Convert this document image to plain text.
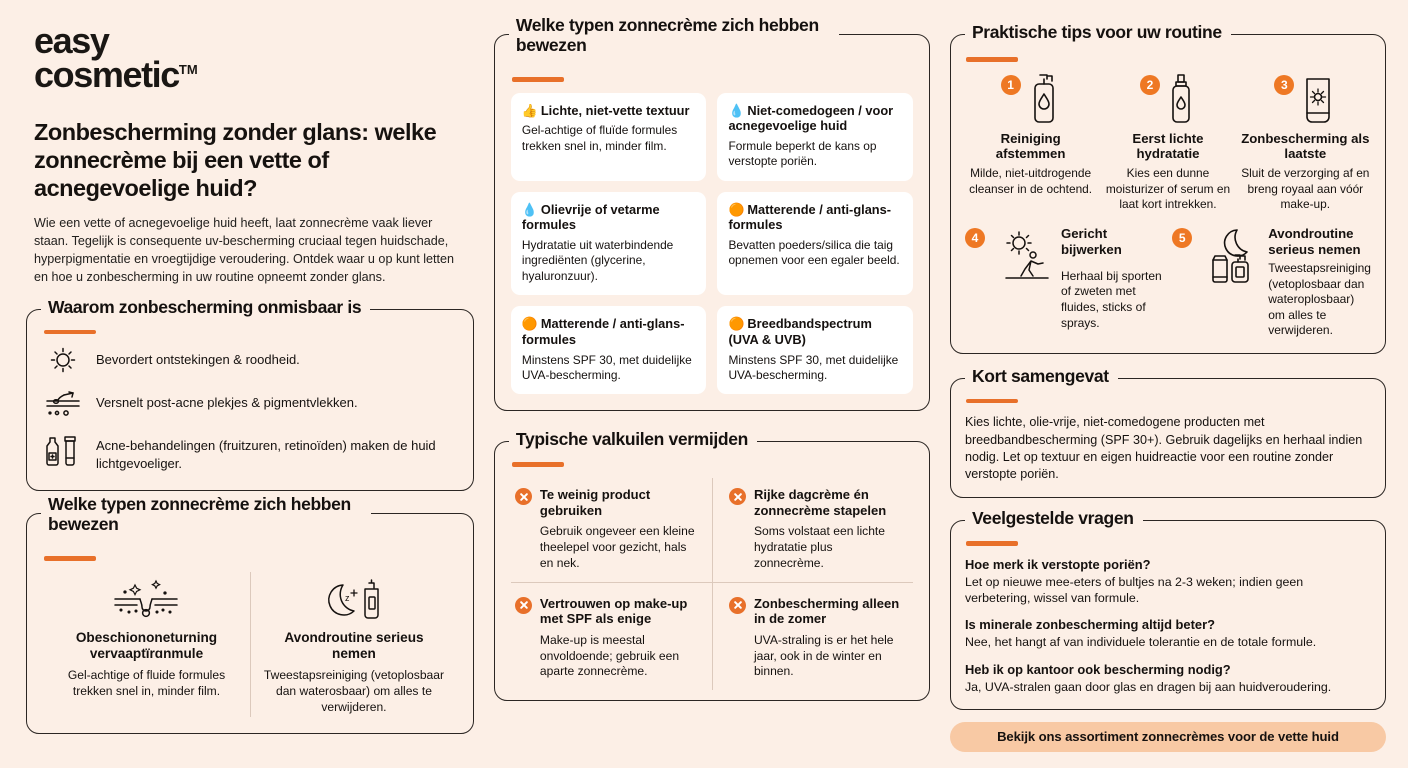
easy
cosmetic™
Zonbescherming zonder glans: welke zonnecrème bij een vette of acnegevoelige huid?
Wie een vette of acnegevoelige huid heeft, laat zonnecrème vaak liever staan. Tegelijk is consequente uv-bescherming cruciaal tegen huidschade, hyperpigmentatie en vroegtijdige veroudering. Ontdek waar u op kunt letten en hoe u zonbescherming in uw routine opneemt zonder glans.
Waarom zonbescherming onmisbaar is
Bevordert ontstekingen & roodheid.
Versnelt post-acne plekjes & pigmentvlekken.
Acne-behandelingen (fruitzuren, retinoïden) maken de huid lichtgevoeliger.
Welke typen zonnecrème zich hebben bewezen
Obeschiononeturning vervaaptïrɑnmule
Gel-achtige of fluide formules trekken snel in, minder film.
z
Avondroutine serieus nemen
Tweestapsreiniging (vetoplosbaar dan waterosbaar) om alles te verwijderen.
Welke typen zonnecrème zich hebben bewezen
👍 Lichte, niet-vette textuur
Gel-achtige of fluïde formules trekken snel in, minder film.
💧 Niet-comedogeen / voor acnegevoelige huid
Formule beperkt de kans op verstopte poriën.
💧 Olievrije of vetarme formules
Hydratatie uit waterbindende ingrediënten (glycerine, hyaluronzuur).
🟠 Matterende / anti-glans-formules
Bevatten poeders/silica die taig opnemen voor een egaler beeld.
🟠 Matterende / anti-glans-formules
Minstens SPF 30, met duidelijke UVA-bescherming.
🟠 Breedbandspectrum (UVA & UVB)
Minstens SPF 30, met duidelijke UVA-bescherming.
Typische valkuilen vermijden
Te weinig product gebruiken
Gebruik ongeveer een kleine theelepel voor gezicht, hals en nek.
Rijke dagcrème én zonnecrème stapelen
Soms volstaat een lichte hydratatie plus zonnecrème.
Vertrouwen op make-up met SPF als enige
Make-up is meestal onvoldoende; gebruik een aparte zonnecrème.
Zonbescherming alleen in de zomer
UVA-straling is er het hele jaar, ook in de winter en binnen.
Praktische tips voor uw routine
1
Reiniging afstemmen
Milde, niet-uitdrogende cleanser in de ochtend.
2
Eerst lichte hydratatie
Kies een dunne moisturizer of serum en laat kort intrekken.
3
Zonbescherming als laatste
Sluit de verzorging af en breng royaal aan vóór make-up.
4	Gericht bijwerken
Herhaal bij sporten of zweten met fluides, sticks of sprays.
5	Avondroutine serieus nemen
Tweestapsreiniging (vetoplosbaar dan wateroplosbaar) om alles te verwijderen.
Kort samengevat
Kies lichte, olie-vrije, niet-comedogene producten met breedbandbescherming (SPF 30+). Gebruik dagelijks en herhaal indien nodig. Let op textuur en eigen huidreactie voor een routine zonder verstopte poriën.
Veelgestelde vragen
Hoe merk ik verstopte poriën?
Let op nieuwe mee-eters of bultjes na 2-3 weken; indien geen verbetering, wissel van formule.
Is minerale zonbescherming altijd beter?
Nee, het hangt af van individuele tolerantie en de totale formule.
Heb ik op kantoor ook bescherming nodig?
Ja, UVA-stralen gaan door glas en dragen bij aan huidveroudering.
Bekijk ons assortiment zonnecrèmes voor de vette huid
